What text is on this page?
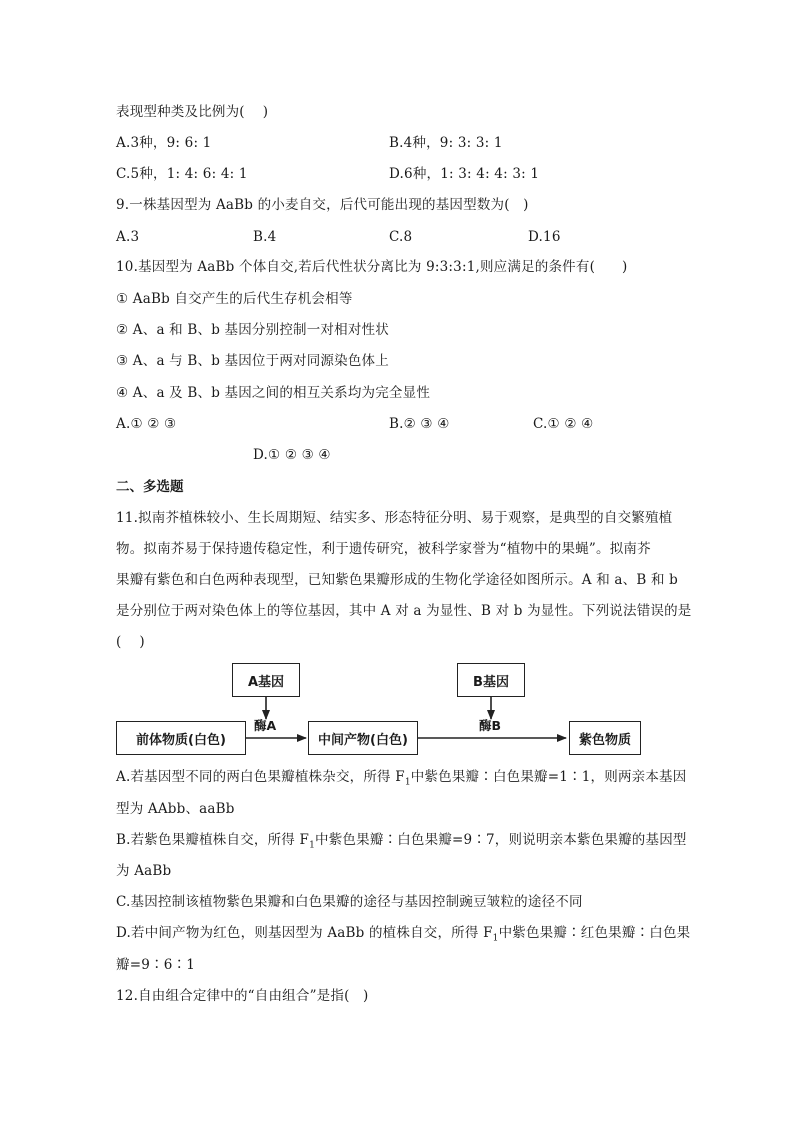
表现型种类及比例为(    )
A.3种，9: 6: 1	B.4种，9: 3: 3: 1
C.5种，1: 4: 6: 4: 1	D.6种，1: 3: 4: 4: 3: 1
9.一株基因型为 AaBb 的小麦自交，后代可能出现的基因型数为(   )
A.3	B.4	C.8	D.16
10.基因型为 AaBb 个体自交,若后代性状分离比为 9:3:3:1,则应满足的条件有(      )
① AaBb 自交产生的后代生存机会相等
② A、a 和 B、b 基因分别控制一对相对性状
③ A、a 与 B、b 基因位于两对同源染色体上
④ A、a 及 B、b 基因之间的相互关系均为完全显性
A.① ② ③	B.② ③ ④	C.① ② ④
D.① ② ③ ④
二、多选题
11.拟南芥植株较小、生长周期短、结实多、形态特征分明、易于观察，是典型的自交繁殖植
物。拟南芥易于保持遗传稳定性，利于遗传研究，被科学家誉为“植物中的果蝇”。拟南芥
果瓣有紫色和白色两种表现型，已知紫色果瓣形成的生物化学途径如图所示。A 和 a、B 和 b
是分别位于两对染色体上的等位基因，其中 A 对 a 为显性、B 对 b 为显性。下列说法错误的是
(    )
A基因	B基因
酶A	酶B
前体物质(白色)	中间产物(白色)	紫色物质
A.若基因型不同的两白色果瓣植株杂交，所得 $F_1$中紫色果瓣∶白色果瓣=1∶1，则两亲本基因
型为 AAbb、aaBb
B.若紫色果瓣植株自交，所得 $F_1$中紫色果瓣∶白色果瓣=9∶7，则说明亲本紫色果瓣的基因型
为 AaBb
C.基因控制该植物紫色果瓣和白色果瓣的途径与基因控制豌豆皱粒的途径不同
D.若中间产物为红色，则基因型为 AaBb 的植株自交，所得 $F_1$中紫色果瓣∶红色果瓣∶白色果
瓣=9∶6∶1
12.自由组合定律中的“自由组合”是指(   )
